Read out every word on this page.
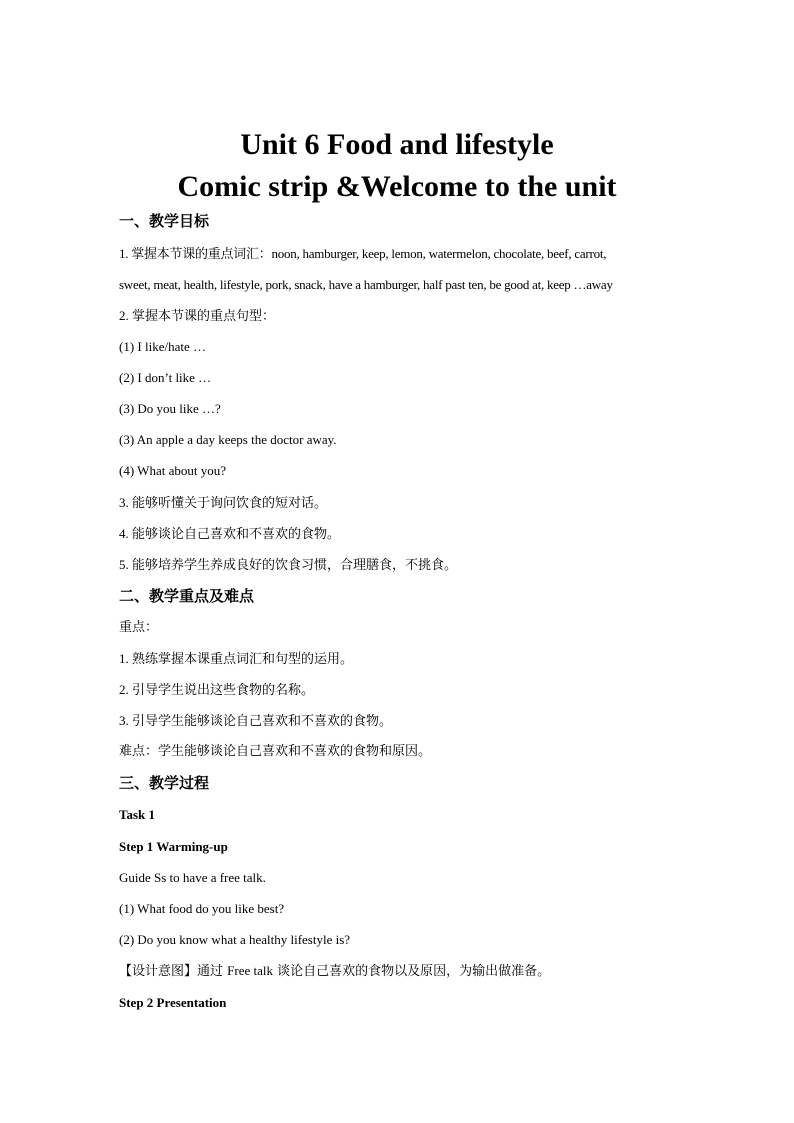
Unit 6 Food and lifestyle
Comic strip &Welcome to the unit
一、教学目标
1. 掌握本节课的重点词汇：noon, hamburger, keep, lemon, watermelon, chocolate, beef, carrot,
sweet, meat, health, lifestyle, pork, snack, have a hamburger, half past ten, be good at, keep …away
2. 掌握本节课的重点句型：
(1) I like/hate …
(2) I don’t like …
(3) Do you like …?
(3) An apple a day keeps the doctor away.
(4) What about you?
3. 能够听懂关于询问饮食的短对话。
4. 能够谈论自己喜欢和不喜欢的食物。
5. 能够培养学生养成良好的饮食习惯，合理膳食，不挑食。
二、教学重点及难点
重点：
1. 熟练掌握本课重点词汇和句型的运用。
2. 引导学生说出这些食物的名称。
3. 引导学生能够谈论自己喜欢和不喜欢的食物。
难点：学生能够谈论自己喜欢和不喜欢的食物和原因。
三、教学过程
Task 1
Step 1 Warming-up
Guide Ss to have a free talk.
(1) What food do you like best?
(2) Do you know what a healthy lifestyle is?
【设计意图】通过 Free talk 谈论自己喜欢的食物以及原因，为输出做准备。
Step 2 Presentation
